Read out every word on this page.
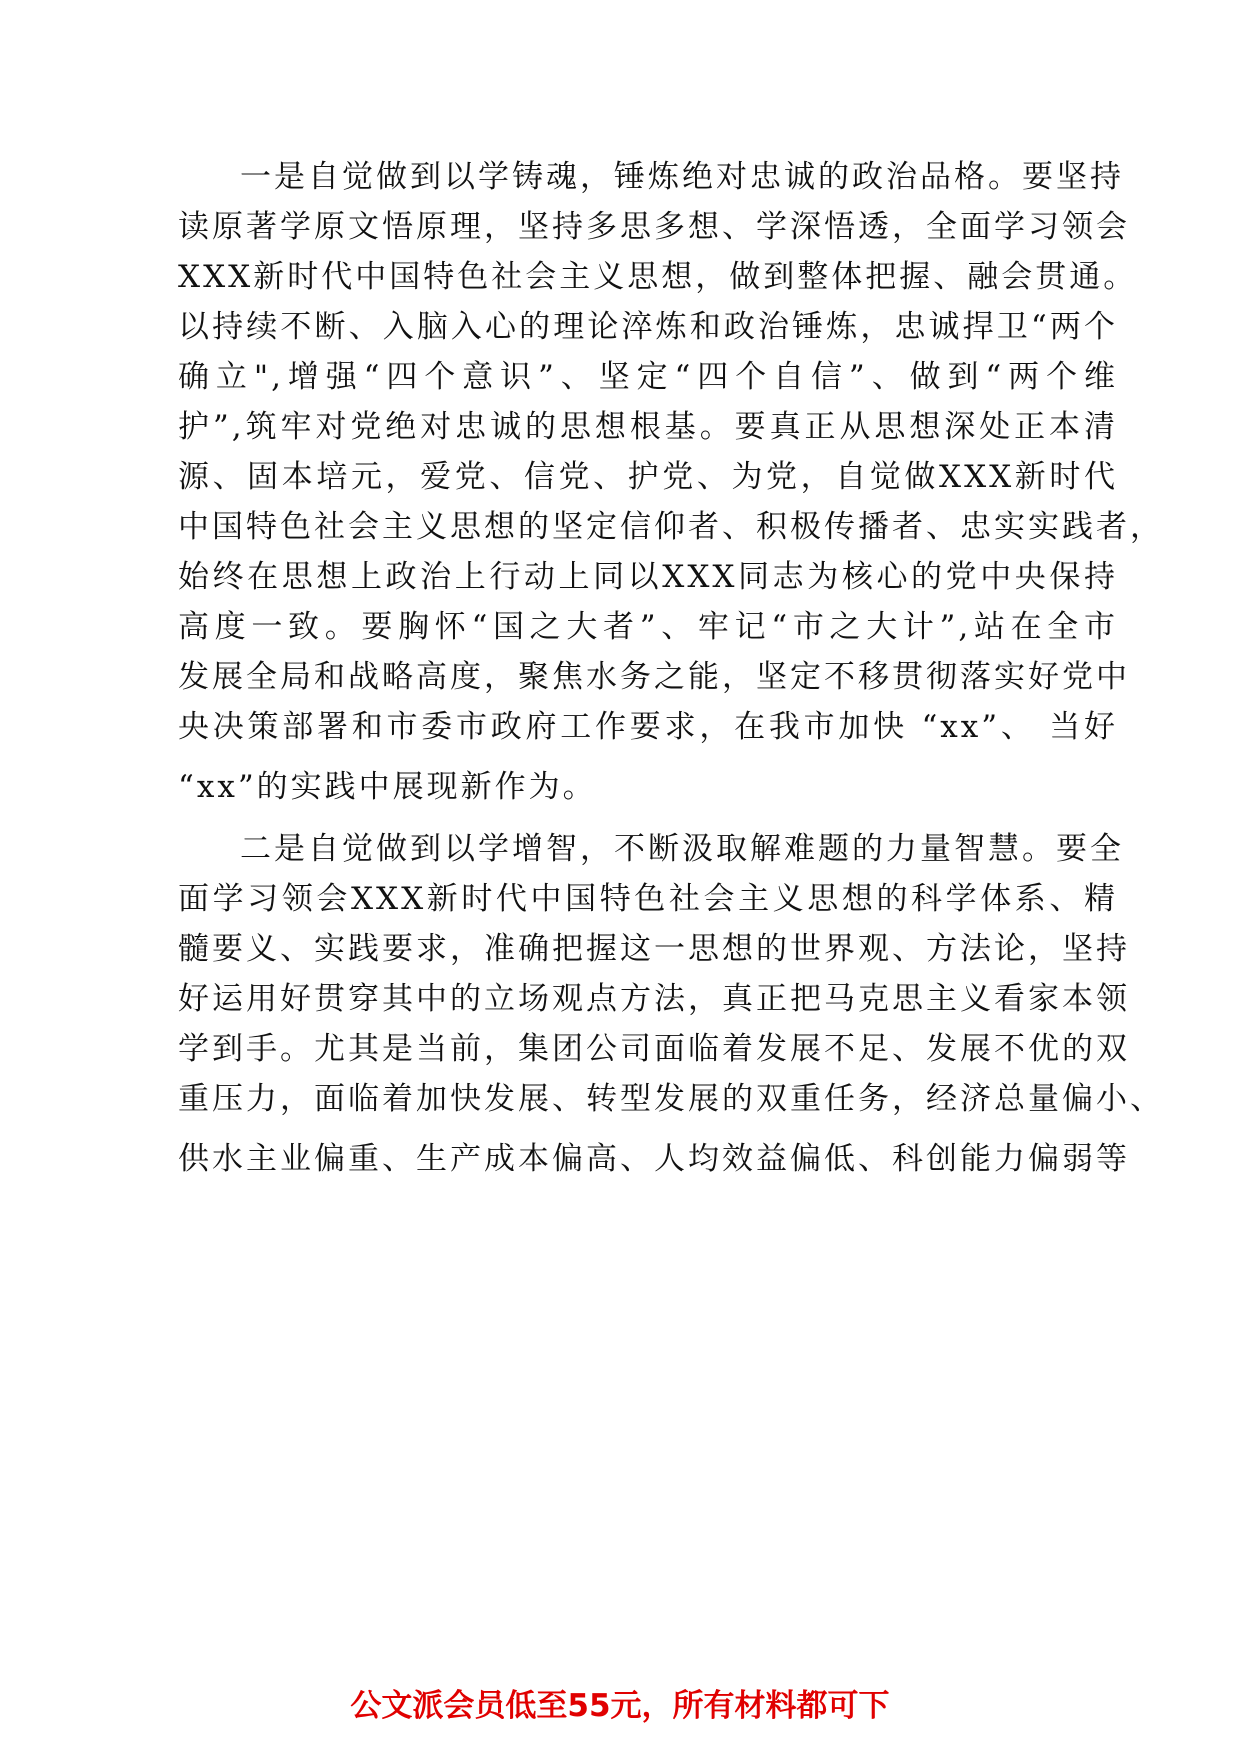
一是自觉做到以学铸魂，锤炼绝对忠诚的政治品格。要坚持
读原著学原文悟原理，坚持多思多想、学深悟透，全面学习领会
XXX新时代中国特色社会主义思想，做到整体把握、融会贯通。
以持续不断、入脑入心的理论淬炼和政治锤炼，忠诚捍卫“两个
确立",增强“四个意识”、坚定“四个自信”、做到“两个维
护”,筑牢对党绝对忠诚的思想根基。要真正从思想深处正本清
源、固本培元，爱党、信党、护党、为党，自觉做XXX新时代
中国特色社会主义思想的坚定信仰者、积极传播者、忠实实践者，
始终在思想上政治上行动上同以XXX同志为核心的党中央保持
高度一致。要胸怀“国之大者”、牢记“市之大计”,站在全市
发展全局和战略高度，聚焦水务之能，坚定不移贯彻落实好党中
央决策部署和市委市政府工作要求，在我市加快 “xx”、 当好
“xx”的实践中展现新作为。
二是自觉做到以学增智，不断汲取解难题的力量智慧。要全
面学习领会XXX新时代中国特色社会主义思想的科学体系、精
髓要义、实践要求，准确把握这一思想的世界观、方法论，坚持
好运用好贯穿其中的立场观点方法，真正把马克思主义看家本领
学到手。尤其是当前，集团公司面临着发展不足、发展不优的双
重压力，面临着加快发展、转型发展的双重任务，经济总量偏小、
供水主业偏重、生产成本偏高、人均效益偏低、科创能力偏弱等
公文派会员低至55元，所有材料都可下
